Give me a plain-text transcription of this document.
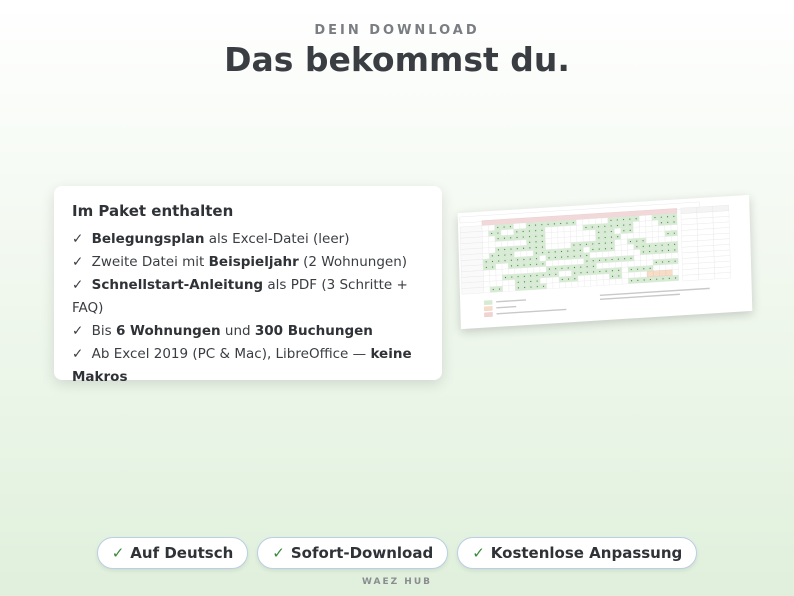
DEIN DOWNLOAD
Das bekommst du.
Im Paket enthalten
✓ Belegungsplan als Excel-Datei (leer)
✓ Zweite Datei mit Beispieljahr (2 Wohnungen)
✓ Schnellstart-Anleitung als PDF (3 Schritte + FAQ)
✓ Bis 6 Wohnungen und 300 Buchungen
✓ Ab Excel 2019 (PC & Mac), LibreOffice — keine Makros
✓ Auf Deutsch	✓ Sofort-Download	✓ Kostenlose Anpassung
WAEZ HUB
